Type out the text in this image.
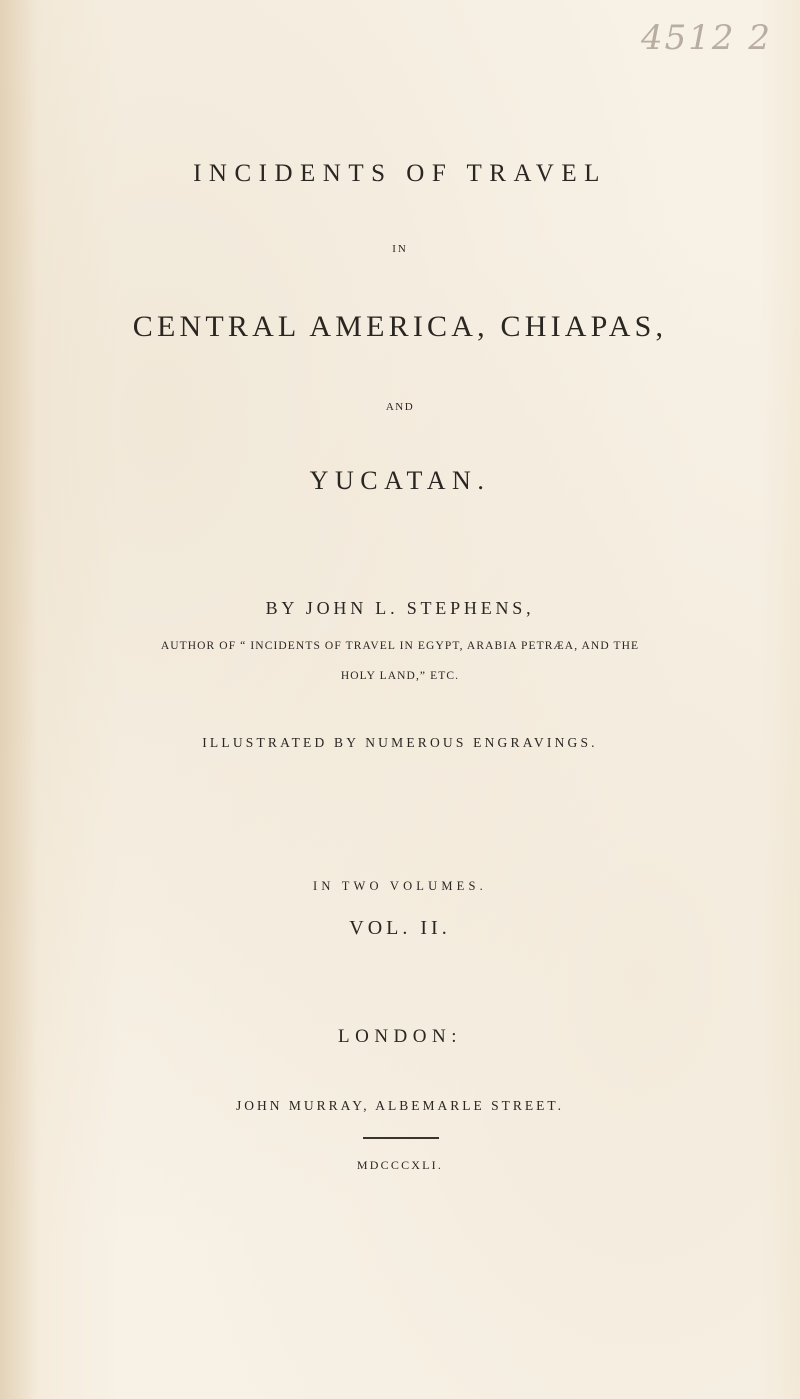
4512 2
INCIDENTS OF TRAVEL
IN
CENTRAL AMERICA, CHIAPAS,
AND
YUCATAN.
BY JOHN L. STEPHENS,
AUTHOR OF “ INCIDENTS OF TRAVEL IN EGYPT, ARABIA PETRÆA, AND THE
HOLY LAND,” ETC.
ILLUSTRATED BY NUMEROUS ENGRAVINGS.
IN TWO VOLUMES.
VOL. II.
LONDON:
JOHN MURRAY, ALBEMARLE STREET.
MDCCCXLI.
